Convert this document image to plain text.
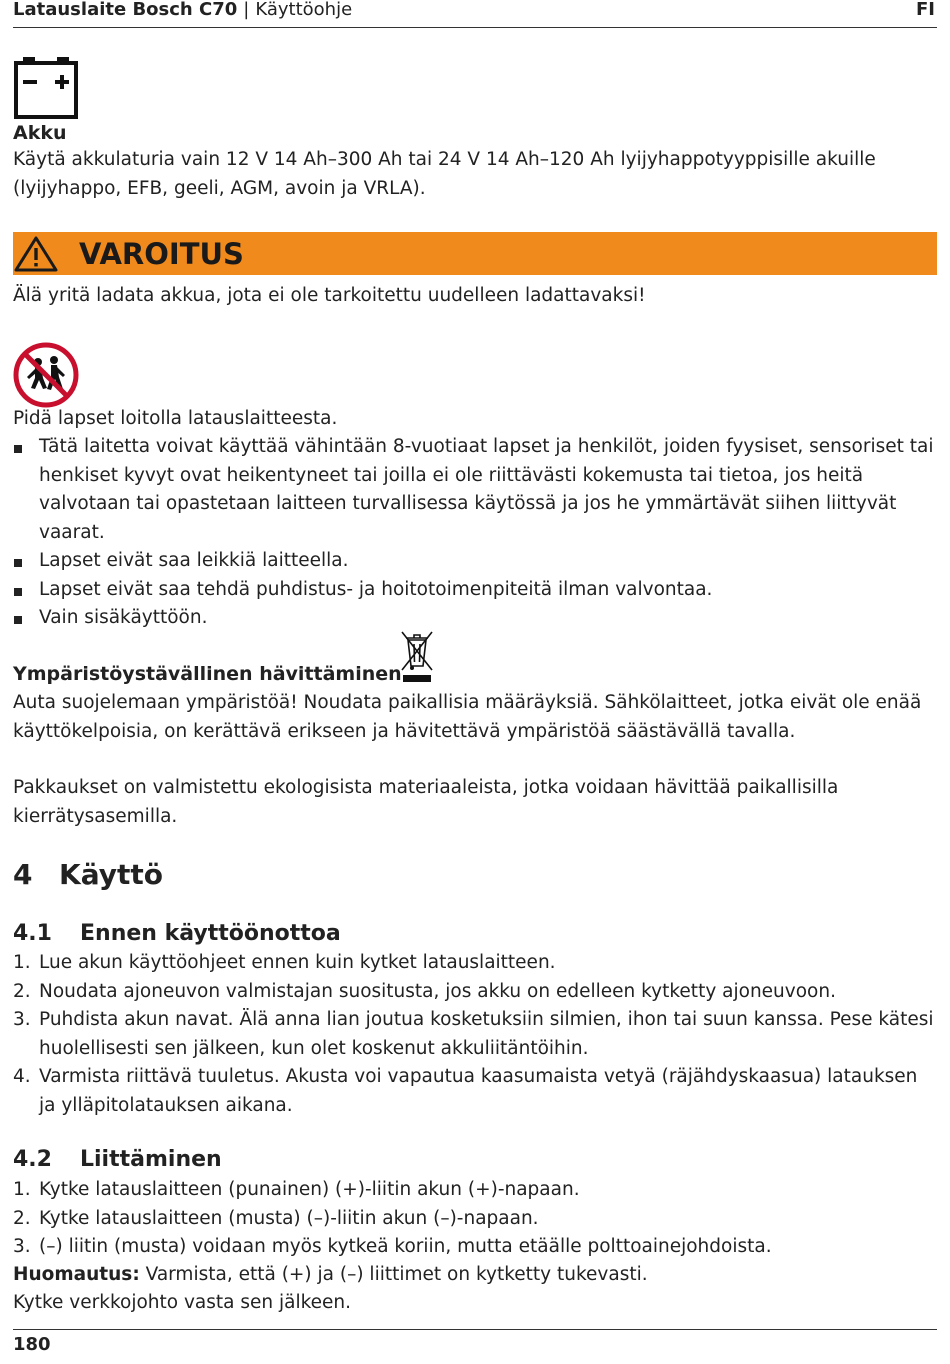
Latauslaite Bosch C70 | Käyttöohje	FI
Akku
Käytä akkulaturia vain 12 V 14 Ah–300 Ah tai 24 V 14 Ah–120 Ah lyijyhappotyyppisille akuille (lyijyhappo, EFB, geeli, AGM, avoin ja VRLA).
VAROITUS
Älä yritä ladata akkua, jota ei ole tarkoitettu uudelleen ladattavaksi!
Pidä lapset loitolla latauslaitteesta.
Tätä laitetta voivat käyttää vähintään 8-vuotiaat lapset ja henkilöt, joiden fyysiset, sensoriset tai henkiset kyvyt ovat heikentyneet tai joilla ei ole riittävästi kokemusta tai tietoa, jos heitä valvotaan tai opastetaan laitteen turvallisessa käytössä ja jos he ymmärtävät siihen liittyvät vaarat.
Lapset eivät saa leikkiä laitteella.
Lapset eivät saa tehdä puhdistus- ja hoitotoimenpiteitä ilman valvontaa.
Vain sisäkäyttöön.
Ympäristöystävällinen hävittäminen
Auta suojelemaan ympäristöä! Noudata paikallisia määräyksiä. Sähkölaitteet, jotka eivät ole enää käyttökelpoisia, on kerättävä erikseen ja hävitettävä ympäristöä säästävällä tavalla.
Pakkaukset on valmistettu ekologisista materiaaleista, jotka voidaan hävittää paikallisilla kierrätysasemilla.
4 Käyttö
4.1 Ennen käyttöönottoa
1. Lue akun käyttöohjeet ennen kuin kytket latauslaitteen.
2. Noudata ajoneuvon valmistajan suositusta, jos akku on edelleen kytketty ajoneuvoon.
3. Puhdista akun navat. Älä anna lian joutua kosketuksiin silmien, ihon tai suun kanssa. Pese kätesi huolellisesti sen jälkeen, kun olet koskenut akkuliitäntöihin.
4. Varmista riittävä tuuletus. Akusta voi vapautua kaasumaista vetyä (räjähdyskaasua) latauksen ja ylläpitolatauksen aikana.
4.2 Liittäminen
1. Kytke latauslaitteen (punainen) (+)-liitin akun (+)-napaan.
2. Kytke latauslaitteen (musta) (–)-liitin akun (–)-napaan.
3. (–) liitin (musta) voidaan myös kytkeä koriin, mutta etäälle polttoainejohdoista.
Huomautus: Varmista, että (+) ja (–) liittimet on kytketty tukevasti.
Kytke verkkojohto vasta sen jälkeen.
180
